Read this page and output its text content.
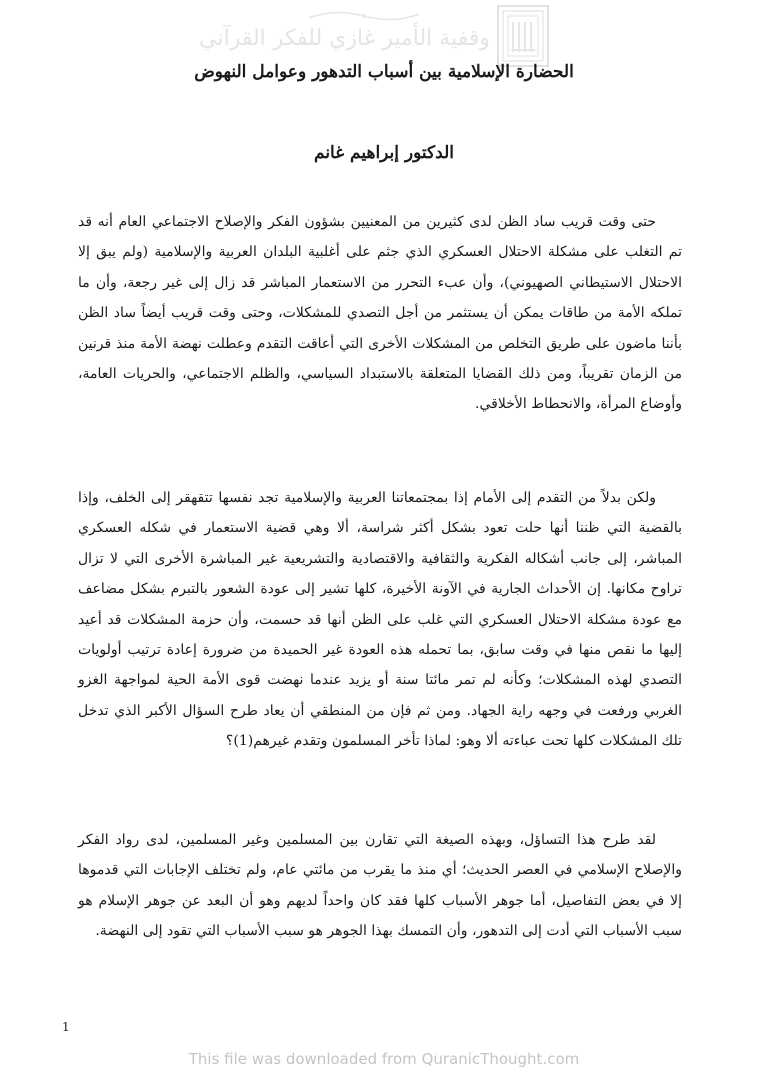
وقفية الأمير غازي للفكر القرآني
الحضارة الإسلامية بين أسباب التدهور وعوامل النهوض
الدكتور إبراهيم غانم

حتى وقت قريب ساد الظن لدى كثيرين من المعنيين بشؤون الفكر والإصلاح الاجتماعي العام أنه قد تم التغلب على مشكلة الاحتلال العسكري الذي جثم على أغلبية البلدان العربية والإسلامية (ولم يبق إلا الاحتلال الاستيطاني الصهيوني)، وأن عبء التحرر من الاستعمار المباشر قد زال إلى غير رجعة، وأن ما تملكه الأمة من طاقات يمكن أن يستثمر من أجل التصدي للمشكلات، وحتى وقت قريب أيضاً ساد الظن بأننا ماضون على طريق التخلص من المشكلات الأخرى التي أعاقت التقدم وعطلت نهضة الأمة منذ قرنين من الزمان تقريباً، ومن ذلك القضايا المتعلقة بالاستبداد السياسي، والظلم الاجتماعي، والحريات العامة، وأوضاع المرأة، والانحطاط الأخلاقي.

ولكن بدلاً من التقدم إلى الأمام إذا بمجتمعاتنا العربية والإسلامية تجد نفسها تتقهقر إلى الخلف، وإذا بالقضية التي ظننا أنها حلت تعود بشكل أكثر شراسة، ألا وهي قضية الاستعمار في شكله العسكري المباشر، إلى جانب أشكاله الفكرية والثقافية والاقتصادية والتشريعية غير المباشرة الأخرى التي لا تزال تراوح مكانها. إن الأحداث الجارية في الآونة الأخيرة، كلها تشير إلى عودة الشعور بالتبرم بشكل مضاعف مع عودة مشكلة الاحتلال العسكري التي غلب على الظن أنها قد حسمت، وأن حزمة المشكلات قد أعيد إليها ما نقص منها في وقت سابق، بما تحمله هذه العودة غير الحميدة من ضرورة إعادة ترتيب أولويات التصدي لهذه المشكلات؛ وكأنه لم تمر مائتا سنة أو يزيد عندما نهضت قوى الأمة الحية لمواجهة الغزو الغربي ورفعت في وجهه راية الجهاد. ومن ثم فإن من المنطقي أن يعاد طرح السؤال الأكبر الذي تدخل تلك المشكلات كلها تحت عباءته ألا وهو: لماذا تأخر المسلمون وتقدم غيرهم(1)؟

لقد طرح هذا التساؤل، وبهذه الصيغة التي تقارن بين المسلمين وغير المسلمين، لدى رواد الفكر والإصلاح الإسلامي في العصر الحديث؛ أي منذ ما يقرب من مائتي عام، ولم تختلف الإجابات التي قدموها إلا في بعض التفاصيل، أما جوهر الأسباب كلها فقد كان واحداً لديهم وهو أن البعد عن جوهر الإسلام هو سبب الأسباب التي أدت إلى التدهور، وأن التمسك بهذا الجوهر هو سبب الأسباب التي تقود إلى النهضة.

1
This file was downloaded from QuranicThought.com
